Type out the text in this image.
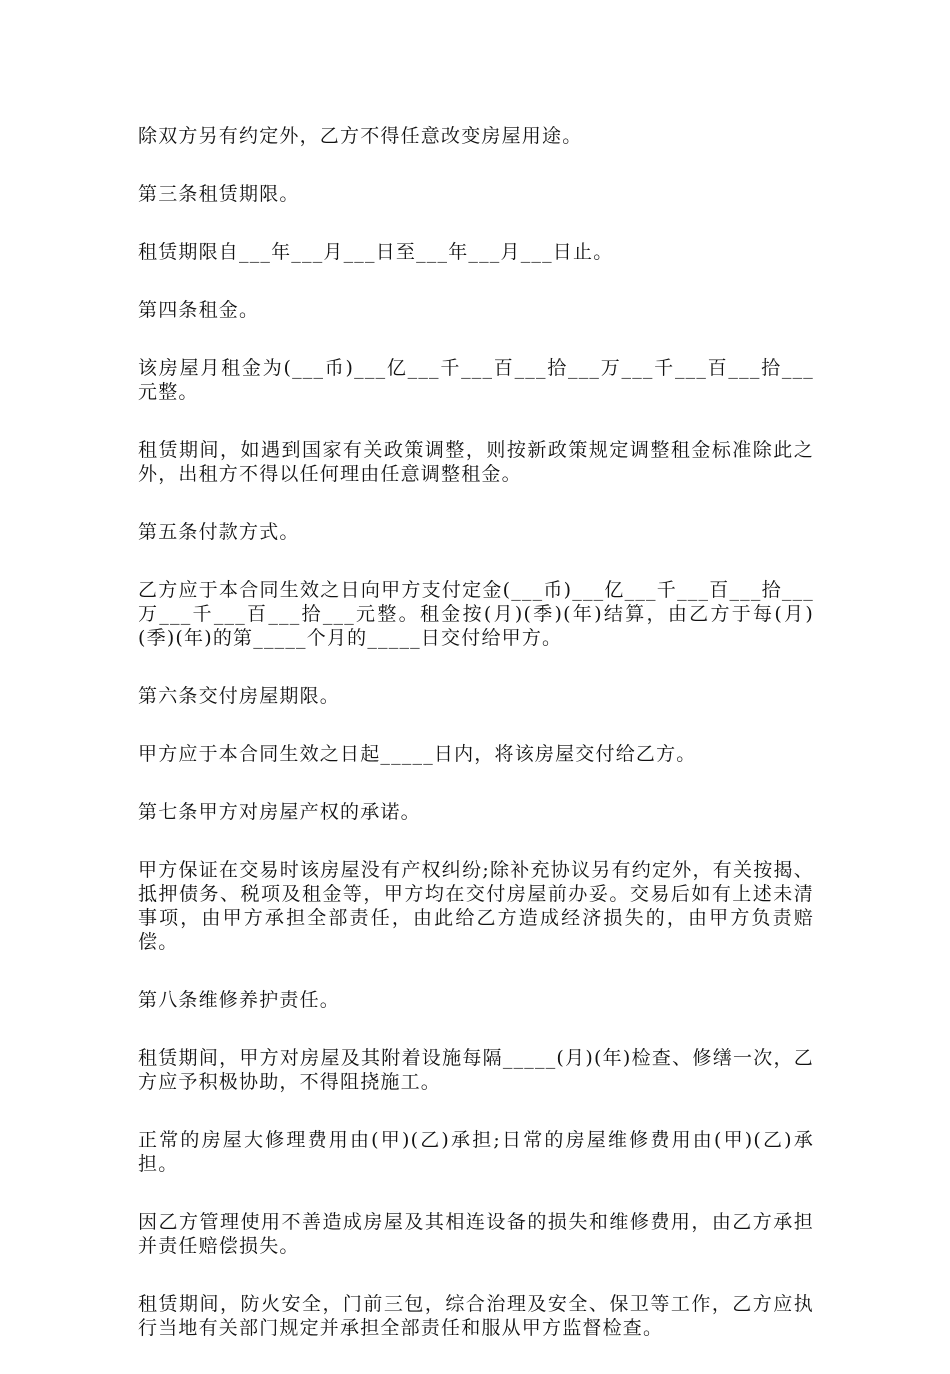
除双方另有约定外，乙方不得任意改变房屋用途。

第三条租赁期限。

租赁期限自___年___月___日至___年___月___日止。

第四条租金。

该房屋月租金为(___币)___亿___千___百___拾___万___千___百___拾___元整。

租赁期间，如遇到国家有关政策调整，则按新政策规定调整租金标准除此之外，出租方不得以任何理由任意调整租金。

第五条付款方式。

乙方应于本合同生效之日向甲方支付定金(___币)___亿___千___百___拾___万___千___百___拾___元整。租金按(月)(季)(年)结算，由乙方于每(月)(季)(年)的第_____个月的_____日交付给甲方。

第六条交付房屋期限。

甲方应于本合同生效之日起_____日内，将该房屋交付给乙方。

第七条甲方对房屋产权的承诺。

甲方保证在交易时该房屋没有产权纠纷;除补充协议另有约定外，有关按揭、抵押债务、税项及租金等，甲方均在交付房屋前办妥。交易后如有上述未清事项，由甲方承担全部责任，由此给乙方造成经济损失的，由甲方负责赔偿。

第八条维修养护责任。

租赁期间，甲方对房屋及其附着设施每隔_____(月)(年)检查、修缮一次，乙方应予积极协助，不得阻挠施工。

正常的房屋大修理费用由(甲)(乙)承担;日常的房屋维修费用由(甲)(乙)承担。

因乙方管理使用不善造成房屋及其相连设备的损失和维修费用，由乙方承担并责任赔偿损失。

租赁期间，防火安全，门前三包，综合治理及安全、保卫等工作，乙方应执行当地有关部门规定并承担全部责任和服从甲方监督检查。
